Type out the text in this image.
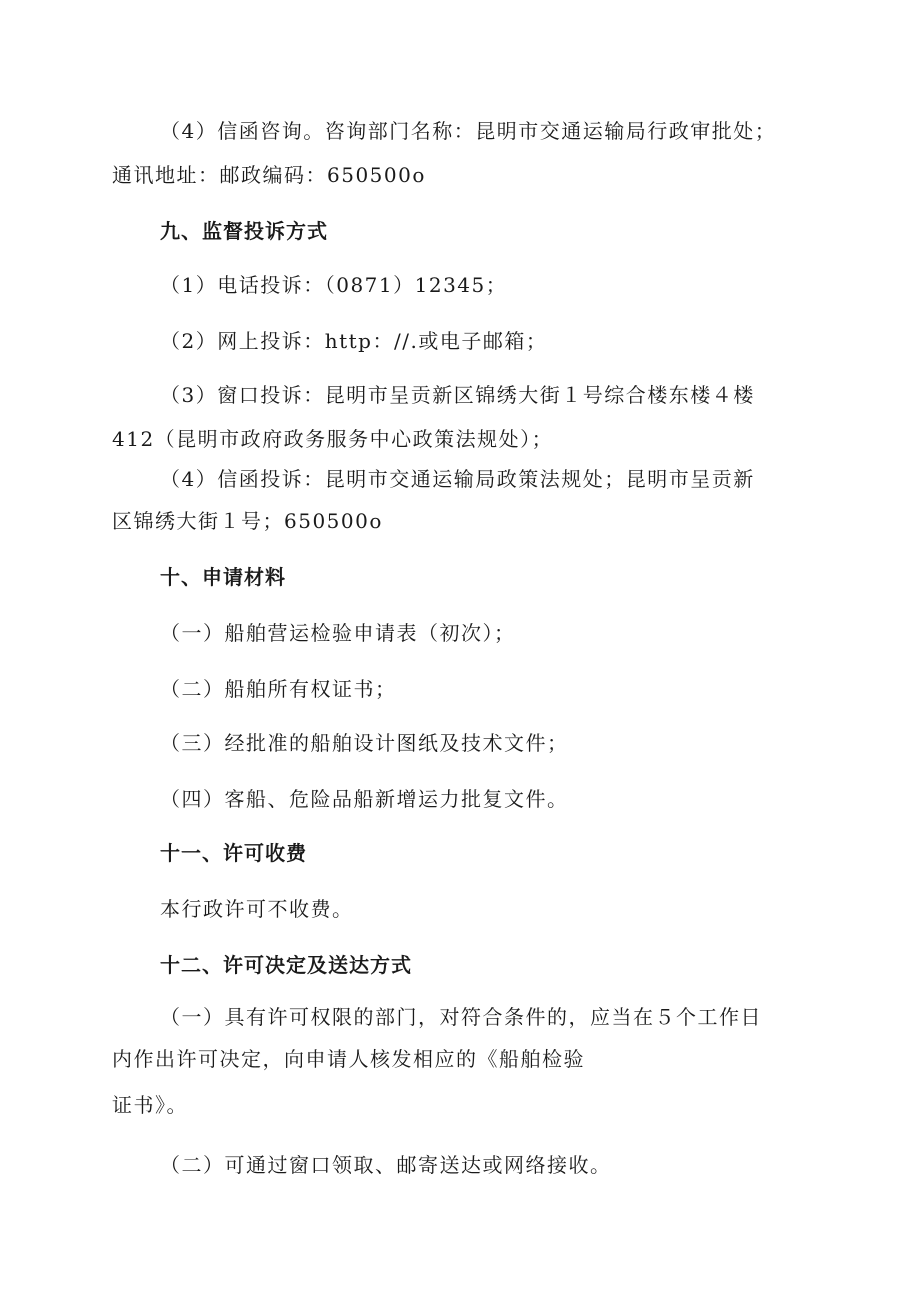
（4）信函咨询。咨询部门名称：昆明市交通运输局行政审批处；
通讯地址：邮政编码：650500o
九、监督投诉方式
（1）电话投诉：（0871）12345；
（2）网上投诉：http：//.或电子邮箱；
（3）窗口投诉：昆明市呈贡新区锦绣大街１号综合楼东楼４楼
412（昆明市政府政务服务中心政策法规处）；
（4）信函投诉：昆明市交通运输局政策法规处；昆明市呈贡新
区锦绣大街１号；650500o
十、申请材料
（一）船舶营运检验申请表（初次）；
（二）船舶所有权证书；
（三）经批准的船舶设计图纸及技术文件；
（四）客船、危险品船新增运力批复文件。
十一、许可收费
本行政许可不收费。
十二、许可决定及送达方式
（一）具有许可权限的部门，对符合条件的，应当在５个工作日
内作出许可决定，向申请人核发相应的《船舶检验
证书》。
（二）可通过窗口领取、邮寄送达或网络接收。
